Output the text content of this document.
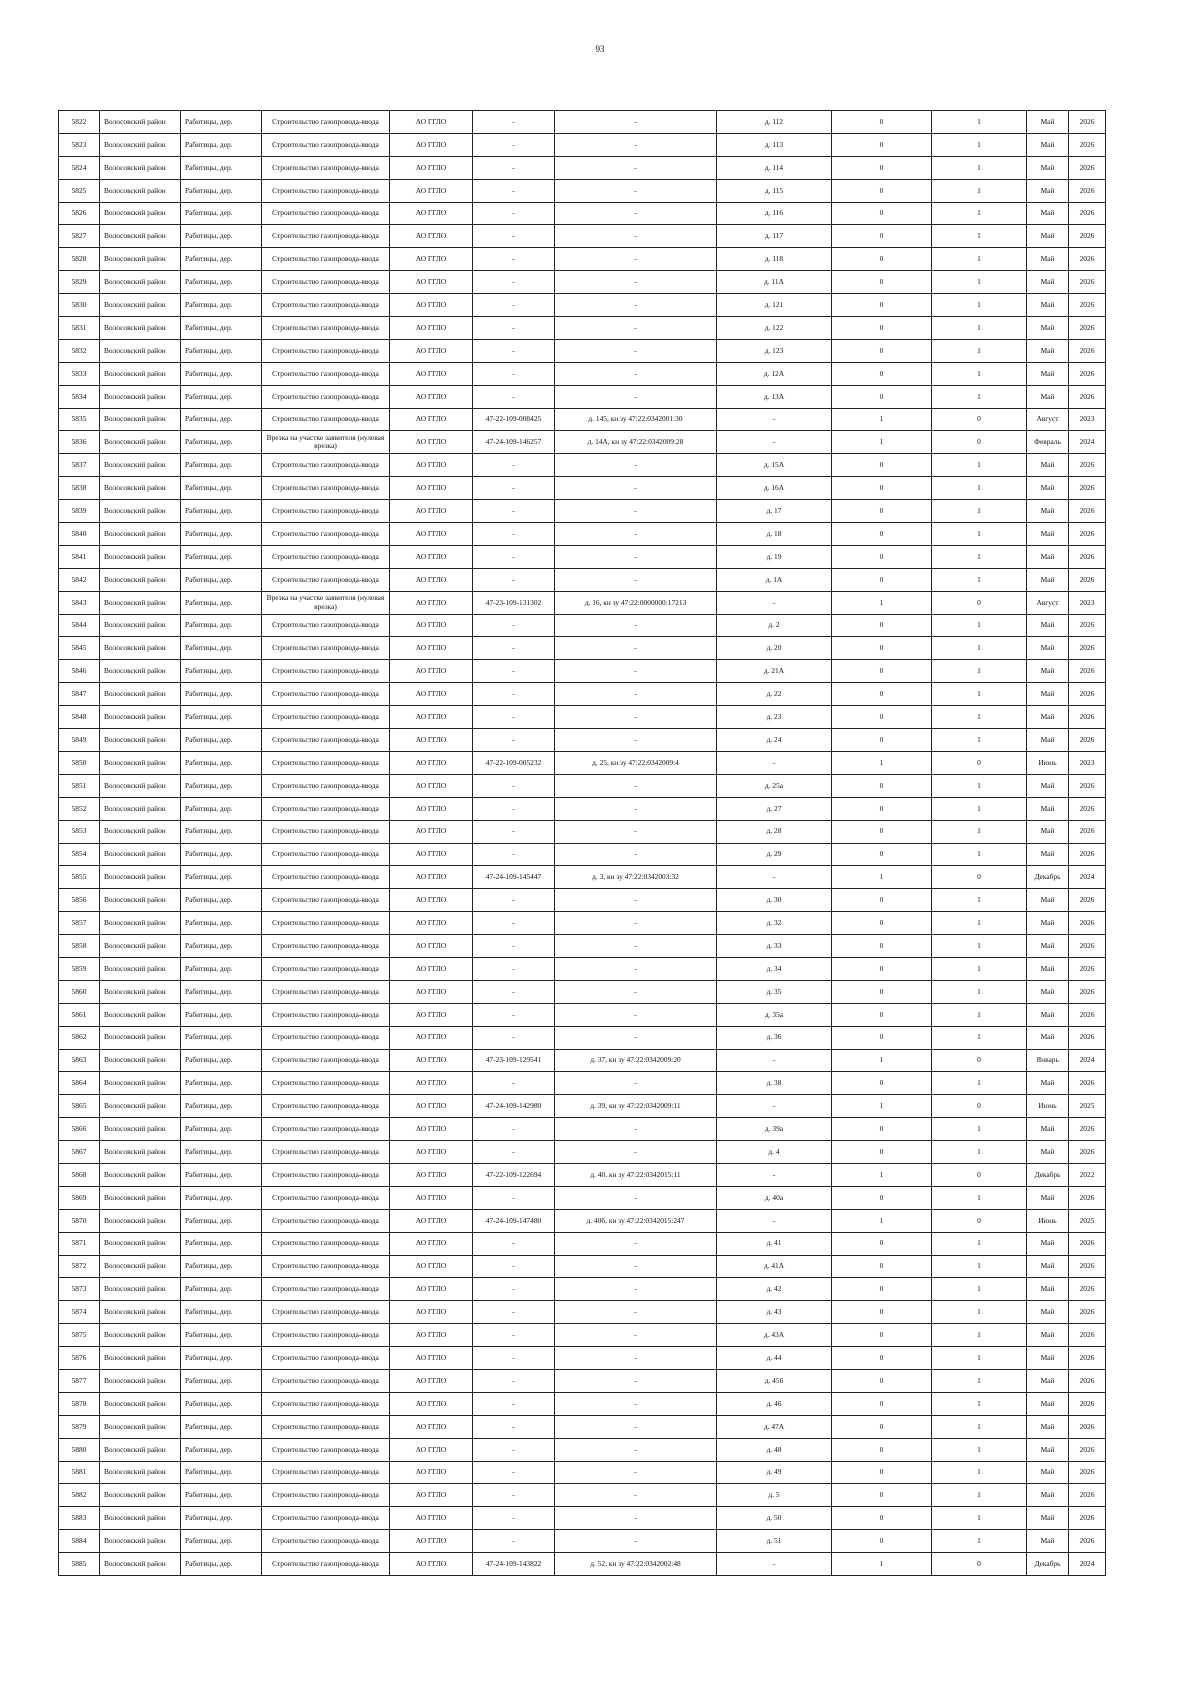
93
5822	Волосовский район	Рабитицы, дер.	Строительство газопровода-ввода	АО ГГЛО	-	-	д. 112	0	1	Май	2026
5823	Волосовский район	Рабитицы, дер.	Строительство газопровода-ввода	АО ГГЛО	-	-	д. 113	0	1	Май	2026
5824	Волосовский район	Рабитицы, дер.	Строительство газопровода-ввода	АО ГГЛО	-	-	д. 114	0	1	Май	2026
5825	Волосовский район	Рабитицы, дер.	Строительство газопровода-ввода	АО ГГЛО	-	-	д. 115	0	1	Май	2026
5826	Волосовский район	Рабитицы, дер.	Строительство газопровода-ввода	АО ГГЛО	-	-	д. 116	0	1	Май	2026
5827	Волосовский район	Рабитицы, дер.	Строительство газопровода-ввода	АО ГГЛО	-	-	д. 117	0	1	Май	2026
5828	Волосовский район	Рабитицы, дер.	Строительство газопровода-ввода	АО ГГЛО	-	-	д. 118	0	1	Май	2026
5829	Волосовский район	Рабитицы, дер.	Строительство газопровода-ввода	АО ГГЛО	-	-	д. 11А	0	1	Май	2026
5830	Волосовский район	Рабитицы, дер.	Строительство газопровода-ввода	АО ГГЛО	-	-	д. 121	0	1	Май	2026
5831	Волосовский район	Рабитицы, дер.	Строительство газопровода-ввода	АО ГГЛО	-	-	д. 122	0	1	Май	2026
5832	Волосовский район	Рабитицы, дер.	Строительство газопровода-ввода	АО ГГЛО	-	-	д. 123	0	1	Май	2026
5833	Волосовский район	Рабитицы, дер.	Строительство газопровода-ввода	АО ГГЛО	-	-	д. 12А	0	1	Май	2026
5834	Волосовский район	Рабитицы, дер.	Строительство газопровода-ввода	АО ГГЛО	-	-	д. 13А	0	1	Май	2026
5835	Волосовский район	Рабитицы, дер.	Строительство газопровода-ввода	АО ГГЛО	47-22-109-008425	д. 145, кн зу 47:22:0342001:30	-	1	0	Август	2023
5836	Волосовский район	Рабитицы, дер.	Врезка на участке заявителя (нулевая врезка)	АО ГГЛО	47-24-109-146257	д. 14А, кн зу 47:22:0342009:28	-	1	0	Февраль	2024
5837	Волосовский район	Рабитицы, дер.	Строительство газопровода-ввода	АО ГГЛО	-	-	д. 15А	0	1	Май	2026
5838	Волосовский район	Рабитицы, дер.	Строительство газопровода-ввода	АО ГГЛО	-	-	д. 16А	0	1	Май	2026
5839	Волосовский район	Рабитицы, дер.	Строительство газопровода-ввода	АО ГГЛО	-	-	д. 17	0	1	Май	2026
5840	Волосовский район	Рабитицы, дер.	Строительство газопровода-ввода	АО ГГЛО	-	-	д. 18	0	1	Май	2026
5841	Волосовский район	Рабитицы, дер.	Строительство газопровода-ввода	АО ГГЛО	-	-	д. 19	0	1	Май	2026
5842	Волосовский район	Рабитицы, дер.	Строительство газопровода-ввода	АО ГГЛО	-	-	д. 1А	0	1	Май	2026
5843	Волосовский район	Рабитицы, дер.	Врезка на участке заявителя (нулевая врезка)	АО ГГЛО	47-23-109-131302	д. 16, кн зу 47:22:0000000:17213	-	1	0	Август	2023
5844	Волосовский район	Рабитицы, дер.	Строительство газопровода-ввода	АО ГГЛО	-	-	д. 2	0	1	Май	2026
5845	Волосовский район	Рабитицы, дер.	Строительство газопровода-ввода	АО ГГЛО	-	-	д. 20	0	1	Май	2026
5846	Волосовский район	Рабитицы, дер.	Строительство газопровода-ввода	АО ГГЛО	-	-	д. 21А	0	1	Май	2026
5847	Волосовский район	Рабитицы, дер.	Строительство газопровода-ввода	АО ГГЛО	-	-	д. 22	0	1	Май	2026
5848	Волосовский район	Рабитицы, дер.	Строительство газопровода-ввода	АО ГГЛО	-	-	д. 23	0	1	Май	2026
5849	Волосовский район	Рабитицы, дер.	Строительство газопровода-ввода	АО ГГЛО	-	-	д. 24	0	1	Май	2026
5850	Волосовский район	Рабитицы, дер.	Строительство газопровода-ввода	АО ГГЛО	47-22-109-005232	д. 25, кн зу 47:22:0342009:4	-	1	0	Июнь	2023
5851	Волосовский район	Рабитицы, дер.	Строительство газопровода-ввода	АО ГГЛО	-	-	д. 25а	0	1	Май	2026
5852	Волосовский район	Рабитицы, дер.	Строительство газопровода-ввода	АО ГГЛО	-	-	д. 27	0	1	Май	2026
5853	Волосовский район	Рабитицы, дер.	Строительство газопровода-ввода	АО ГГЛО	-	-	д. 28	0	1	Май	2026
5854	Волосовский район	Рабитицы, дер.	Строительство газопровода-ввода	АО ГГЛО	-	-	д. 29	0	1	Май	2026
5855	Волосовский район	Рабитицы, дер.	Строительство газопровода-ввода	АО ГГЛО	47-24-109-145447	д. 3, кн зу 47:22:0342003:32	-	1	0	Декабрь	2024
5856	Волосовский район	Рабитицы, дер.	Строительство газопровода-ввода	АО ГГЛО	-	-	д. 30	0	1	Май	2026
5857	Волосовский район	Рабитицы, дер.	Строительство газопровода-ввода	АО ГГЛО	-	-	д. 32	0	1	Май	2026
5858	Волосовский район	Рабитицы, дер.	Строительство газопровода-ввода	АО ГГЛО	-	-	д. 33	0	1	Май	2026
5859	Волосовский район	Рабитицы, дер.	Строительство газопровода-ввода	АО ГГЛО	-	-	д. 34	0	1	Май	2026
5860	Волосовский район	Рабитицы, дер.	Строительство газопровода-ввода	АО ГГЛО	-	-	д. 35	0	1	Май	2026
5861	Волосовский район	Рабитицы, дер.	Строительство газопровода-ввода	АО ГГЛО	-	-	д. 35а	0	1	Май	2026
5862	Волосовский район	Рабитицы, дер.	Строительство газопровода-ввода	АО ГГЛО	-	-	д. 36	0	1	Май	2026
5863	Волосовский район	Рабитицы, дер.	Строительство газопровода-ввода	АО ГГЛО	47-23-109-129541	д. 37, кн зу 47:22:0342009:20	-	1	0	Январь	2024
5864	Волосовский район	Рабитицы, дер.	Строительство газопровода-ввода	АО ГГЛО	-	-	д. 38	0	1	Май	2026
5865	Волосовский район	Рабитицы, дер.	Строительство газопровода-ввода	АО ГГЛО	47-24-109-142980	д. 39, кн зу 47:22:0342009:11	-	1	0	Июнь	2025
5866	Волосовский район	Рабитицы, дер.	Строительство газопровода-ввода	АО ГГЛО	-	-	д. 39а	0	1	Май	2026
5867	Волосовский район	Рабитицы, дер.	Строительство газопровода-ввода	АО ГГЛО	-	-	д. 4	0	1	Май	2026
5868	Волосовский район	Рабитицы, дер.	Строительство газопровода-ввода	АО ГГЛО	47-22-109-122694	д. 40, кн зу 47:22:0342015:11	-	1	0	Декабрь	2022
5869	Волосовский район	Рабитицы, дер.	Строительство газопровода-ввода	АО ГГЛО	-	-	д. 40а	0	1	Май	2026
5870	Волосовский район	Рабитицы, дер.	Строительство газопровода-ввода	АО ГГЛО	47-24-109-147480	д. 40б, кн зу 47:22:0342015:247	-	1	0	Июнь	2025
5871	Волосовский район	Рабитицы, дер.	Строительство газопровода-ввода	АО ГГЛО	-	-	д. 41	0	1	Май	2026
5872	Волосовский район	Рабитицы, дер.	Строительство газопровода-ввода	АО ГГЛО	-	-	д. 41А	0	1	Май	2026
5873	Волосовский район	Рабитицы, дер.	Строительство газопровода-ввода	АО ГГЛО	-	-	д. 42	0	1	Май	2026
5874	Волосовский район	Рабитицы, дер.	Строительство газопровода-ввода	АО ГГЛО	-	-	д. 43	0	1	Май	2026
5875	Волосовский район	Рабитицы, дер.	Строительство газопровода-ввода	АО ГГЛО	-	-	д. 43А	0	1	Май	2026
5876	Волосовский район	Рабитицы, дер.	Строительство газопровода-ввода	АО ГГЛО	-	-	д. 44	0	1	Май	2026
5877	Волосовский район	Рабитицы, дер.	Строительство газопровода-ввода	АО ГГЛО	-	-	д. 456	0	1	Май	2026
5878	Волосовский район	Рабитицы, дер.	Строительство газопровода-ввода	АО ГГЛО	-	-	д. 46	0	1	Май	2026
5879	Волосовский район	Рабитицы, дер.	Строительство газопровода-ввода	АО ГГЛО	-	-	д. 47А	0	1	Май	2026
5880	Волосовский район	Рабитицы, дер.	Строительство газопровода-ввода	АО ГГЛО	-	-	д. 48	0	1	Май	2026
5881	Волосовский район	Рабитицы, дер.	Строительство газопровода-ввода	АО ГГЛО	-	-	д. 49	0	1	Май	2026
5882	Волосовский район	Рабитицы, дер.	Строительство газопровода-ввода	АО ГГЛО	-	-	д. 5	0	1	Май	2026
5883	Волосовский район	Рабитицы, дер.	Строительство газопровода-ввода	АО ГГЛО	-	-	д. 50	0	1	Май	2026
5884	Волосовский район	Рабитицы, дер.	Строительство газопровода-ввода	АО ГГЛО	-	-	д. 51	0	1	Май	2026
5885	Волосовский район	Рабитицы, дер.	Строительство газопровода-ввода	АО ГГЛО	47-24-109-143822	д. 52, кн зу 47:22:0342002:48	-	1	0	Декабрь	2024
